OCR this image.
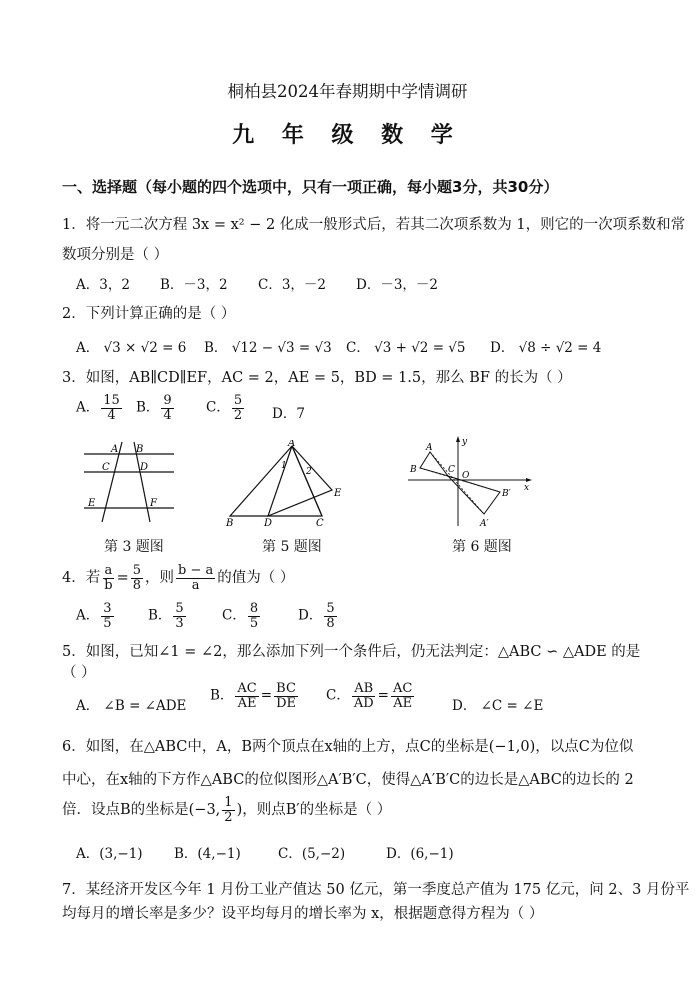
桐柏县2024年春期期中学情调研
九 年 级 数 学
一、选择题（每小题的四个选项中，只有一项正确，每小题3分，共30分）
1．将一元二次方程 3x = x² − 2 化成一般形式后，若其二次项系数为 1，则它的一次项系数和常
数项分别是（ ）
A．3，2 B．－3，2 C．3，－2 D．－3，－2
2．下列计算正确的是（ ）
A． √3 × √2 = 6 B． √12 − √3 = √3 C． √3 + √2 = √5 D． √8 ÷ √2 = 4
3．如图，AB∥CD∥EF，AC = 2，AE = 5，BD = 1.5，那么 BF 的长为（ ）
A． $\frac{15}{4}$ B． $\frac{9}{4}$ C． $\frac{5}{2}$ D．7
A B
C	D
E	F
第 3 题图
A
B	C
D
E
1
2
第 5 题图
y
x
O
A
B	C
B′
A′
第 6 题图
4．若 $\frac{a}{b} = \frac{5}{8}$ ，则 $\frac{b - a}{a}$ 的值为（ ）
A． $\frac{3}{5}$	B． $\frac{5}{3}$	C． $\frac{8}{5}$	D． $\frac{5}{8}$
5．如图，已知∠1 = ∠2，那么添加下列一个条件后，仍无法判定：△ABC ∽ △ADE 的是
（ ）
A． ∠B = ∠ADE
B． $\frac{AC}{AE} = \frac{BC}{DE}$ C． $\frac{AB}{AD} = \frac{AC}{AE}$	D． ∠C = ∠E
6．如图，在△ABC中，A，B两个顶点在x轴的上方，点C的坐标是(−1,0)，以点C为位似
中心，在x轴的下方作△ABC的位似图形△A′B′C，使得△A′B′C的边长是△ABC的边长的 2
倍．设点B的坐标是(−3, $\frac{1}{2}$ )，则点B′的坐标是（ ）
A．(3,−1) B．(4,−1)	C．(5,−2)	D．(6,−1)
7．某经济开发区今年 1 月份工业产值达 50 亿元，第一季度总产值为 175 亿元，问 2、3 月份平
均每月的增长率是多少？设平均每月的增长率为 x，根据题意得方程为（ ）
